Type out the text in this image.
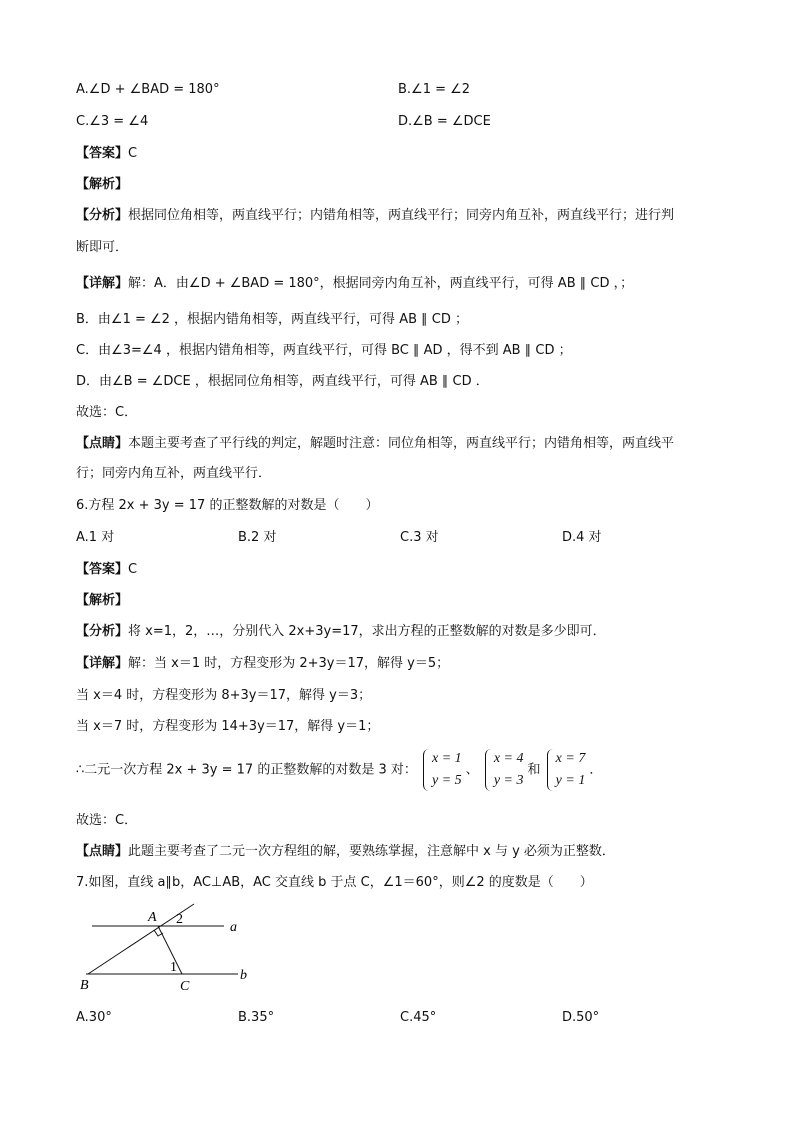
A.∠D + ∠BAD = 180°	B.∠1 = ∠2
C.∠3 = ∠4	D.∠B = ∠DCE
【答案】C
【解析】
【分析】根据同位角相等，两直线平行；内错角相等，两直线平行；同旁内角互补，两直线平行；进行判
断即可．
【详解】解：A．由∠D + ∠BAD = 180°，根据同旁内角互补，两直线平行，可得 AB ∥ CD ，；
B．由∠1 = ∠2 ，根据内错角相等，两直线平行，可得 AB ∥ CD ；
C．由∠3=∠4 ，根据内错角相等，两直线平行，可得 BC ∥ AD ，得不到 AB ∥ CD ；
D．由∠B = ∠DCE ，根据同位角相等，两直线平行，可得 AB ∥ CD ．
故选：C．
【点睛】本题主要考查了平行线的判定，解题时注意：同位角相等，两直线平行；内错角相等，两直线平
行；同旁内角互补，两直线平行．
6.方程 2x + 3y = 17 的正整数解的对数是（　　）
A.1 对	B.2 对	C.3 对	D.4 对
【答案】C
【解析】
【分析】将 x=1，2，…，分别代入 2x+3y=17，求出方程的正整数解的对数是多少即可．
【详解】解：当 x＝1 时，方程变形为 2+3y＝17，解得 y＝5；
当 x＝4 时，方程变形为 8+3y＝17，解得 y＝3；
当 x＝7 时，方程变形为 14+3y＝17，解得 y＝1；
∴二元一次方程 2x + 3y = 17 的正整数解的对数是 3 对：
x = 1
y = 5
、
x = 4
y = 3
和
x = 7
y = 1
．
故选：C．
【点睛】此题主要考查了二元一次方程组的解，要熟练掌握，注意解中 x 与 y 必须为正整数．
7.如图，直线 a∥b，AC⊥AB，AC 交直线 b 于点 C，∠1＝60°，则∠2 的度数是（　　）
A 2
a
1
B	C
b
A.30°	B.35°	C.45°	D.50°
